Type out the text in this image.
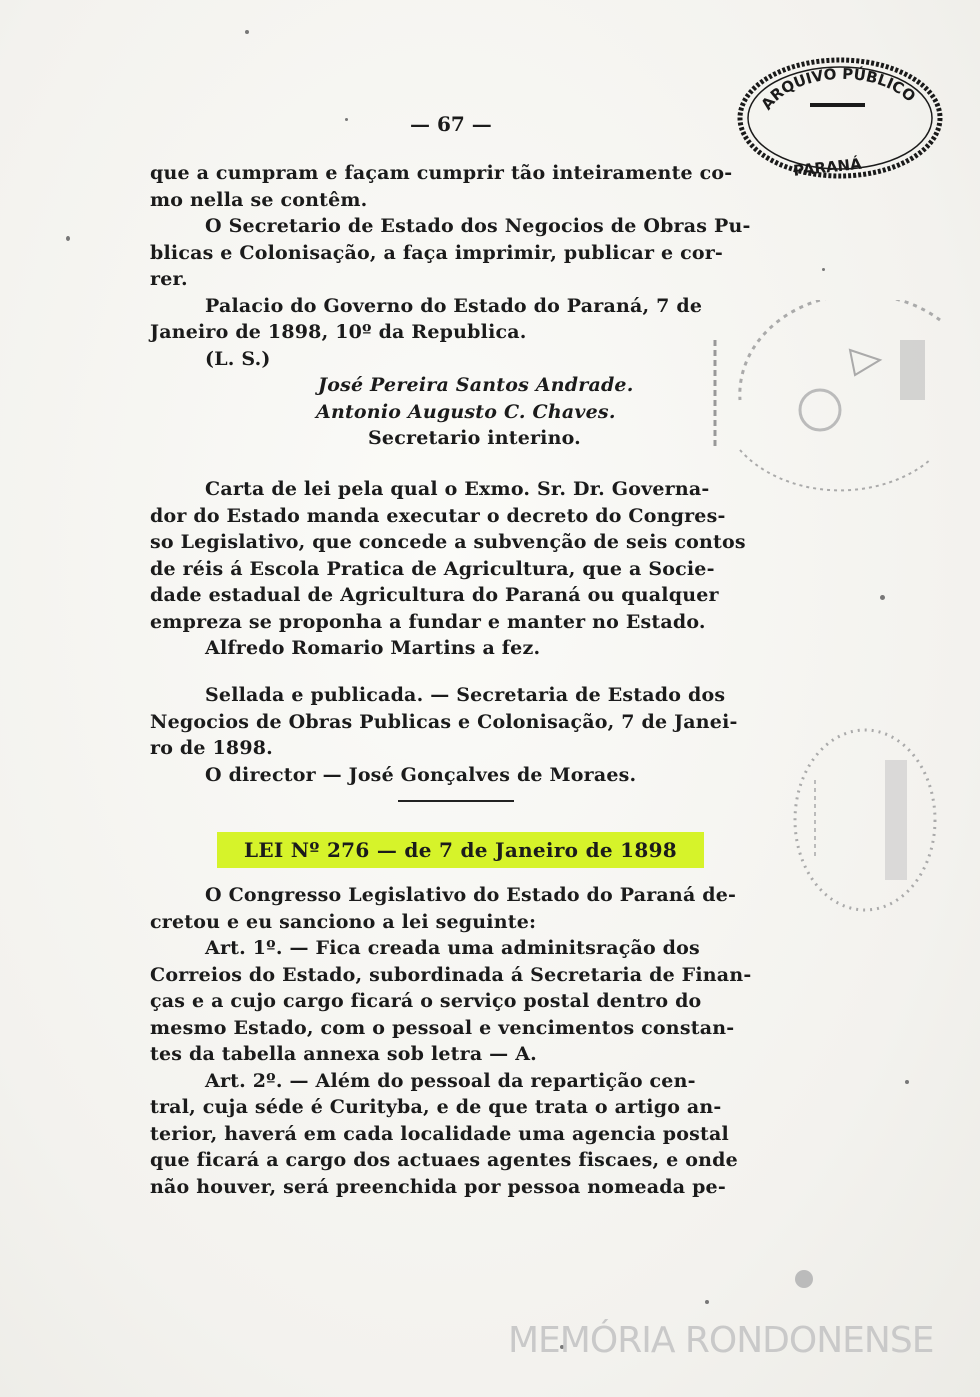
— 67 —
ARQUIVO PÚBLICO
PARANÁ
que a cumpram e façam cumprir tão inteiramente co-
mo nella se contêm.
O Secretario de Estado dos Negocios de Obras Pu-
blicas e Colonisação, a faça imprimir, publicar e cor-
rer.
Palacio do Governo do Estado do Paraná, 7 de
Janeiro de 1898, 10º da Republica.
(L. S.)
José Pereira Santos Andrade.
Antonio Augusto C. Chaves.
Secretario interino.
Carta de lei pela qual o Exmo. Sr. Dr. Governa-
dor do Estado manda executar o decreto do Congres-
so Legislativo, que concede a subvenção de seis contos
de réis á Escola Pratica de Agricultura, que a Socie-
dade estadual de Agricultura do Paraná ou qualquer
empreza se proponha a fundar e manter no Estado.
Alfredo Romario Martins a fez.
Sellada e publicada. — Secretaria de Estado dos
Negocios de Obras Publicas e Colonisação, 7 de Janei-
ro de 1898.
O director — José Gonçalves de Moraes.
LEI Nº 276 — de 7 de Janeiro de 1898
O Congresso Legislativo do Estado do Paraná de-
cretou e eu sanciono a lei seguinte:
Art. 1º. — Fica creada uma adminitsração dos
Correios do Estado, subordinada á Secretaria de Finan-
ças e a cujo cargo ficará o serviço postal dentro do
mesmo Estado, com o pessoal e vencimentos constan-
tes da tabella annexa sob letra — A.
Art. 2º. — Além do pessoal da repartição cen-
tral, cuja séde é Curityba, e de que trata o artigo an-
terior, haverá em cada localidade uma agencia postal
que ficará a cargo dos actuaes agentes fiscaes, e onde
não houver, será preenchida por pessoa nomeada pe-
MEMÓRIA RONDONENSE
